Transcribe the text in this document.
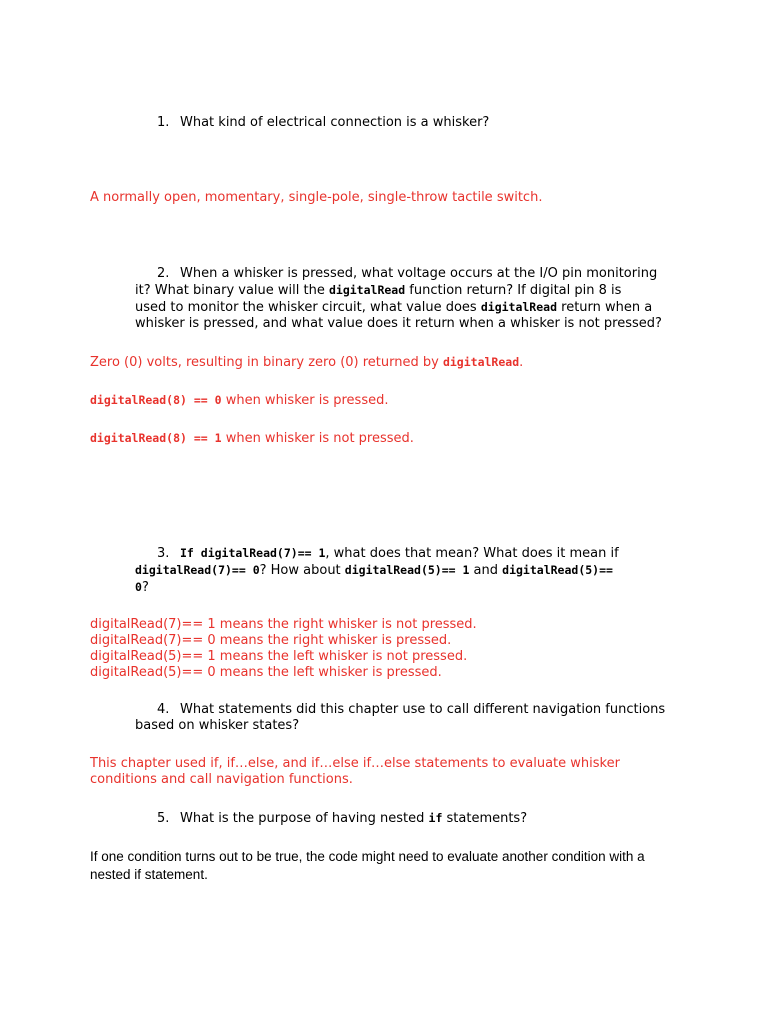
1. What kind of electrical connection is a whisker?
A normally open, momentary, single-pole, single-throw tactile switch.
2. When a whisker is pressed, what voltage occurs at the I/O pin monitoring
it? What binary value will the digitalRead function return? If digital pin 8 is
used to monitor the whisker circuit, what value does digitalRead return when a
whisker is pressed, and what value does it return when a whisker is not pressed?
Zero (0) volts, resulting in binary zero (0) returned by digitalRead.
digitalRead(8) == 0 when whisker is pressed.
digitalRead(8) == 1 when whisker is not pressed.
3. If digitalRead(7)== 1, what does that mean? What does it mean if
digitalRead(7)== 0? How about digitalRead(5)== 1 and digitalRead(5)==
0?
digitalRead(7)== 1 means the right whisker is not pressed.
digitalRead(7)== 0 means the right whisker is pressed.
digitalRead(5)== 1 means the left whisker is not pressed.
digitalRead(5)== 0 means the left whisker is pressed.
4. What statements did this chapter use to call different navigation functions
based on whisker states?
This chapter used if, if…else, and if…else if…else statements to evaluate whisker
conditions and call navigation functions.
5. What is the purpose of having nested if statements?
If one condition turns out to be true, the code might need to evaluate another condition with a
nested if statement.
